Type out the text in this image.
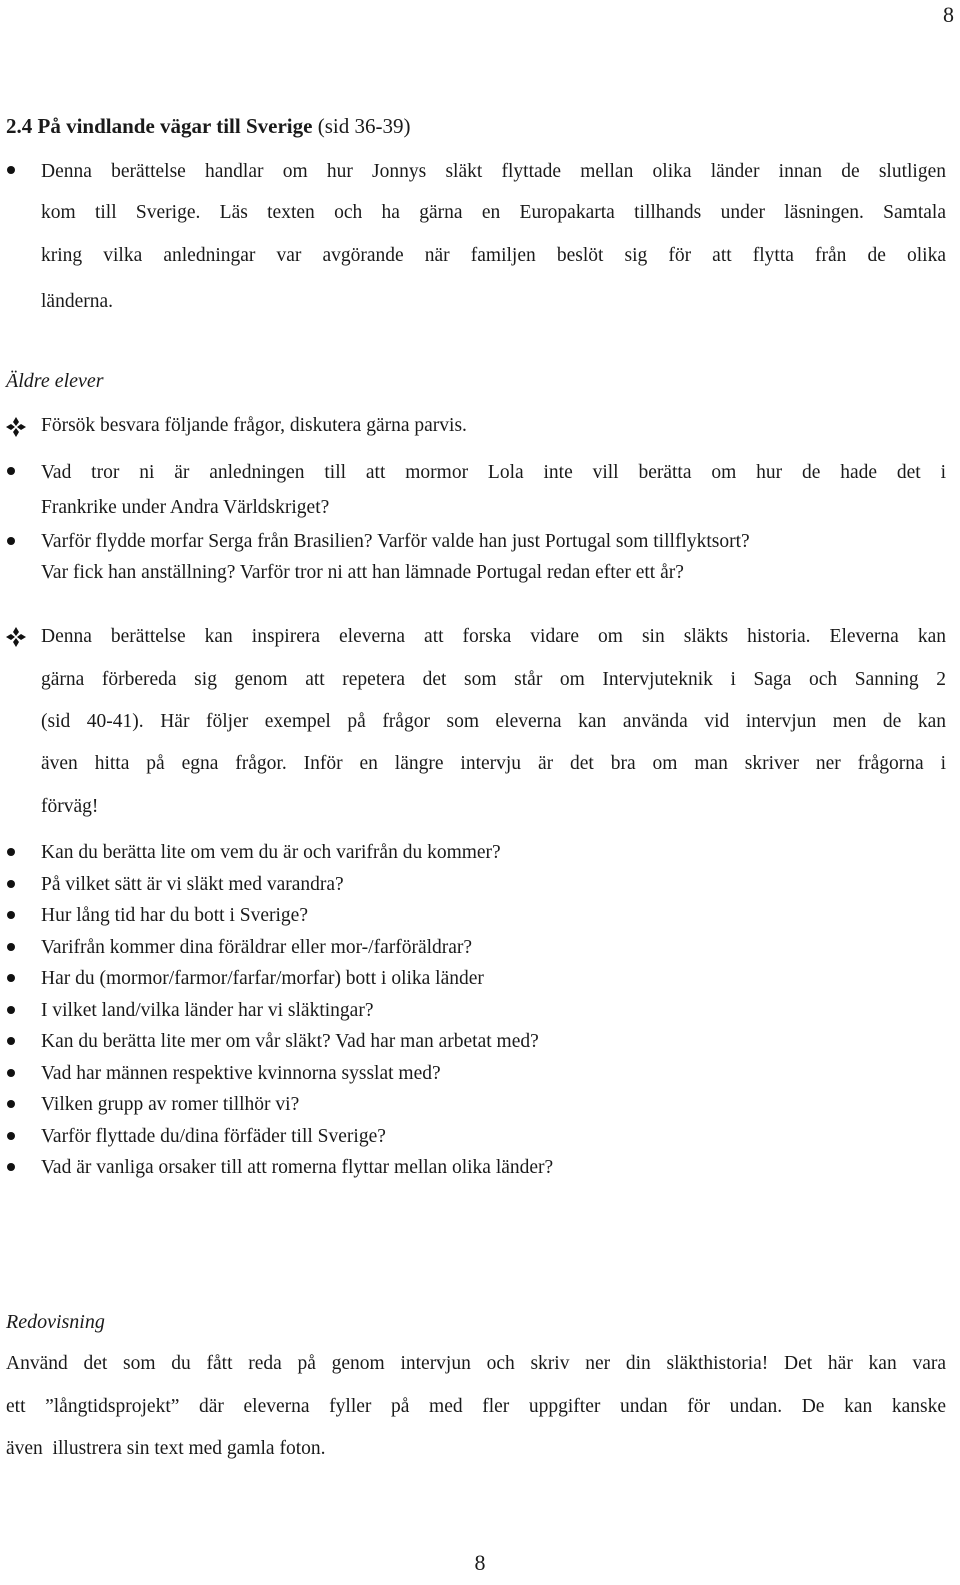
8
2.4 På vindlande vägar till Sverige (sid 36-39)
Denna berättelse handlar om hur Jonnys släkt flyttade mellan olika länder innan de slutligen
kom till Sverige. Läs texten och ha gärna en Europakarta tillhands under läsningen. Samtala
kring vilka anledningar var avgörande när familjen beslöt sig för att flytta från de olika
länderna.
Äldre elever
Försök besvara följande frågor, diskutera gärna parvis.
Vad tror ni är anledningen till att mormor Lola inte vill berätta om hur de hade det i
Frankrike under Andra Världskriget?
Varför flydde morfar Serga från Brasilien? Varför valde han just Portugal som tillflyktsort?
Var fick han anställning? Varför tror ni att han lämnade Portugal redan efter ett år?
Denna berättelse kan inspirera eleverna att forska vidare om sin släkts historia. Eleverna kan
gärna förbereda sig genom att repetera det som står om Intervjuteknik i Saga och Sanning 2
(sid 40-41). Här följer exempel på frågor som eleverna kan använda vid intervjun men de kan
även hitta på egna frågor. Inför en längre intervju är det bra om man skriver ner frågorna i
förväg!
Kan du berätta lite om vem du är och varifrån du kommer?
På vilket sätt är vi släkt med varandra?
Hur lång tid har du bott i Sverige?
Varifrån kommer dina föräldrar eller mor-/farföräldrar?
Har du (mormor/farmor/farfar/morfar) bott i olika länder
I vilket land/vilka länder har vi släktingar?
Kan du berätta lite mer om vår släkt? Vad har man arbetat med?
Vad har männen respektive kvinnorna sysslat med?
Vilken grupp av romer tillhör vi?
Varför flyttade du/dina förfäder till Sverige?
Vad är vanliga orsaker till att romerna flyttar mellan olika länder?
Redovisning
Använd det som du fått reda på genom intervjun och skriv ner din släkthistoria! Det här kan vara
ett ”långtidsprojekt” där eleverna fyller på med fler uppgifter undan för undan. De kan kanske
även  illustrera sin text med gamla foton.
8
